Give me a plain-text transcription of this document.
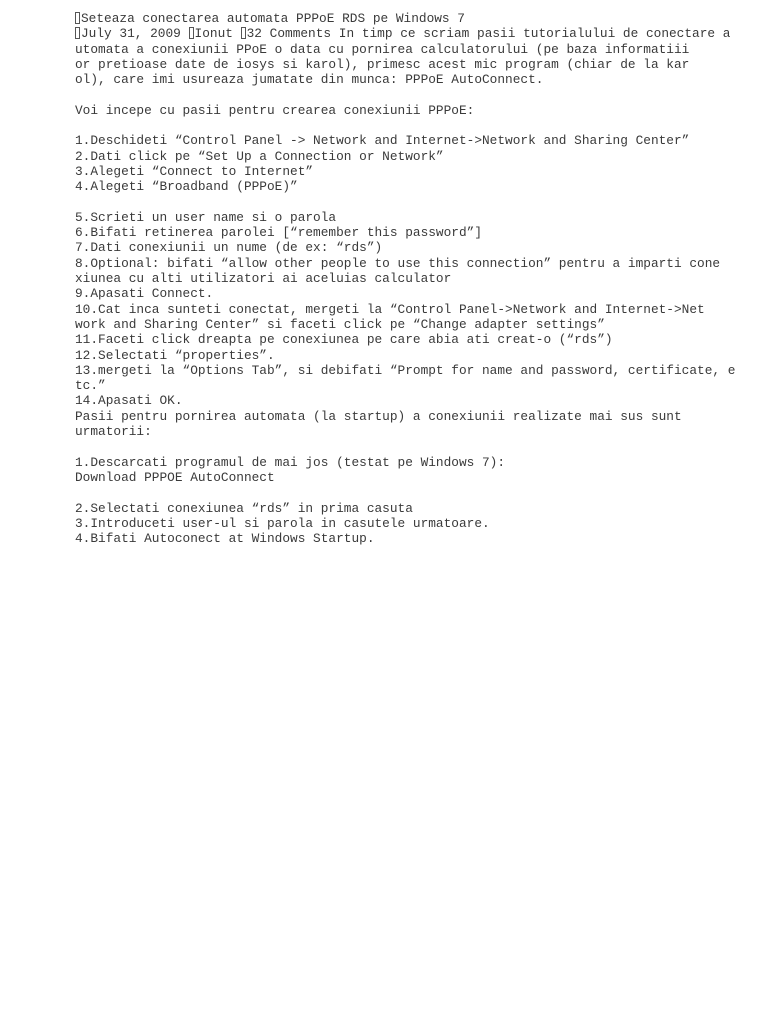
Seteaza conectarea automata PPPoE RDS pe Windows 7
July 31, 2009 Ionut 32 Comments In timp ce scriam pasii tutorialului de conectare a
utomata a conexiunii PPoE o data cu pornirea calculatorului (pe baza informatiii
or pretioase date de iosys si karol), primesc acest mic program (chiar de la kar
ol), care imi usureaza jumatate din munca: PPPoE AutoConnect.
Voi incepe cu pasii pentru crearea conexiunii PPPoE:
1.Deschideti “Control Panel -> Network and Internet->Network and Sharing Center”
2.Dati click pe “Set Up a Connection or Network”
3.Alegeti “Connect to Internet”
4.Alegeti “Broadband (PPPoE)”
5.Scrieti un user name si o parola
6.Bifati retinerea parolei [“remember this password”]
7.Dati conexiunii un nume (de ex: “rds”)
8.Optional: bifati “allow other people to use this connection” pentru a imparti cone
xiunea cu alti utilizatori ai aceluias calculator
9.Apasati Connect.
10.Cat inca sunteti conectat, mergeti la “Control Panel->Network and Internet->Net
work and Sharing Center” si faceti click pe “Change adapter settings”
11.Faceti click dreapta pe conexiunea pe care abia ati creat-o (“rds”)
12.Selectati “properties”.
13.mergeti la “Options Tab”, si debifati “Prompt for name and password, certificate, e
tc.”
14.Apasati OK.
Pasii pentru pornirea automata (la startup) a conexiunii realizate mai sus sunt
urmatorii:
1.Descarcati programul de mai jos (testat pe Windows 7):
Download PPPOE AutoConnect
2.Selectati conexiunea “rds” in prima casuta
3.Introduceti user-ul si parola in casutele urmatoare.
4.Bifati Autoconect at Windows Startup.
